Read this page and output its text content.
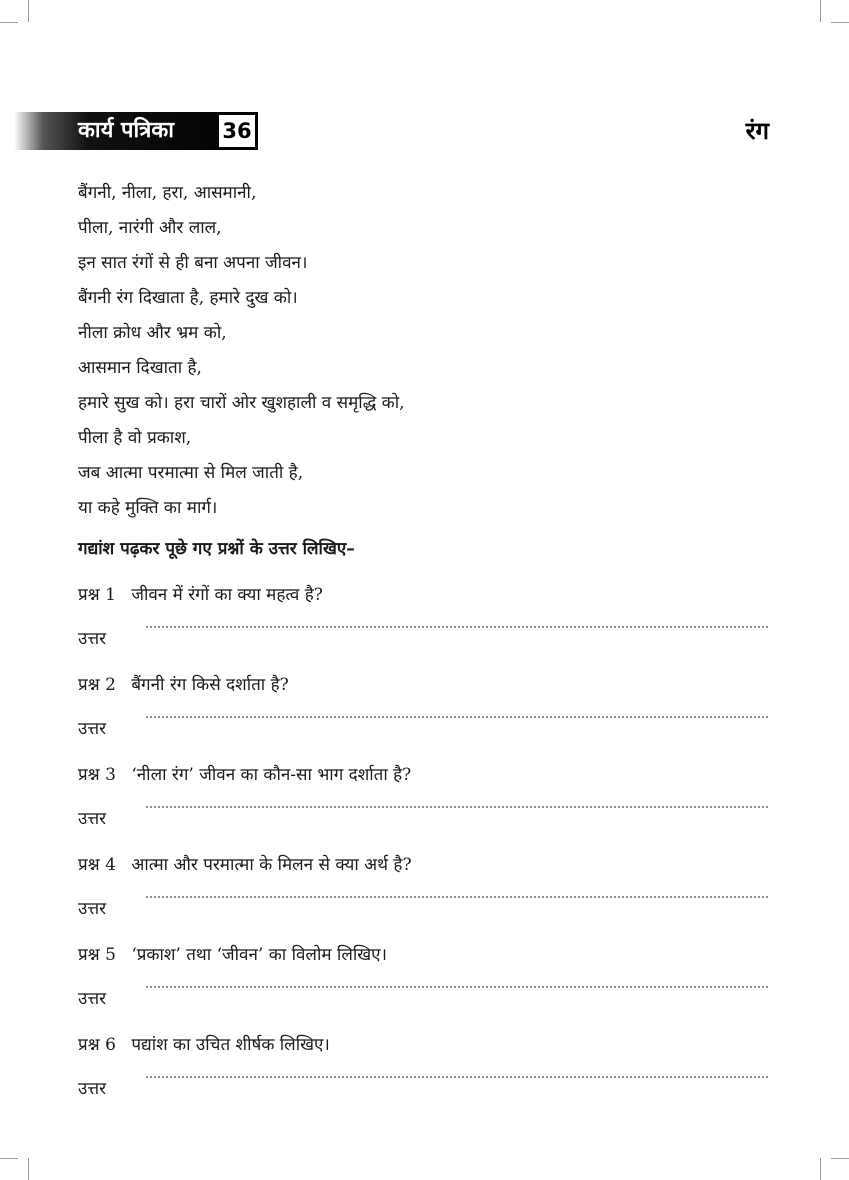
कार्य पत्रिका 36	रंग
बैंगनी, नीला, हरा, आसमानी,
पीला, नारंगी और लाल,
इन सात रंगों से ही बना अपना जीवन।
बैंगनी रंग दिखाता है, हमारे दुख को।
नीला क्रोध और भ्रम को,
आसमान दिखाता है,
हमारे सुख को। हरा चारों ओर खुशहाली व समृद्धि को,
पीला है वो प्रकाश,
जब आत्मा परमात्मा से मिल जाती है,
या कहे मुक्ति का मार्ग।
गद्यांश पढ़कर पूछे गए प्रश्नों के उत्तर लिखिए–
प्रश्न 1 जीवन में रंगों का क्या महत्व है?
उत्तर
प्रश्न 2 बैंगनी रंग किसे दर्शाता है?
उत्तर
प्रश्न 3 ‘नीला रंग’ जीवन का कौन-सा भाग दर्शाता है?
उत्तर
प्रश्न 4 आत्मा और परमात्मा के मिलन से क्या अर्थ है?
उत्तर
प्रश्न 5 ‘प्रकाश’ तथा ‘जीवन’ का विलोम लिखिए।
उत्तर
प्रश्न 6 पद्यांश का उचित शीर्षक लिखिए।
उत्तर
